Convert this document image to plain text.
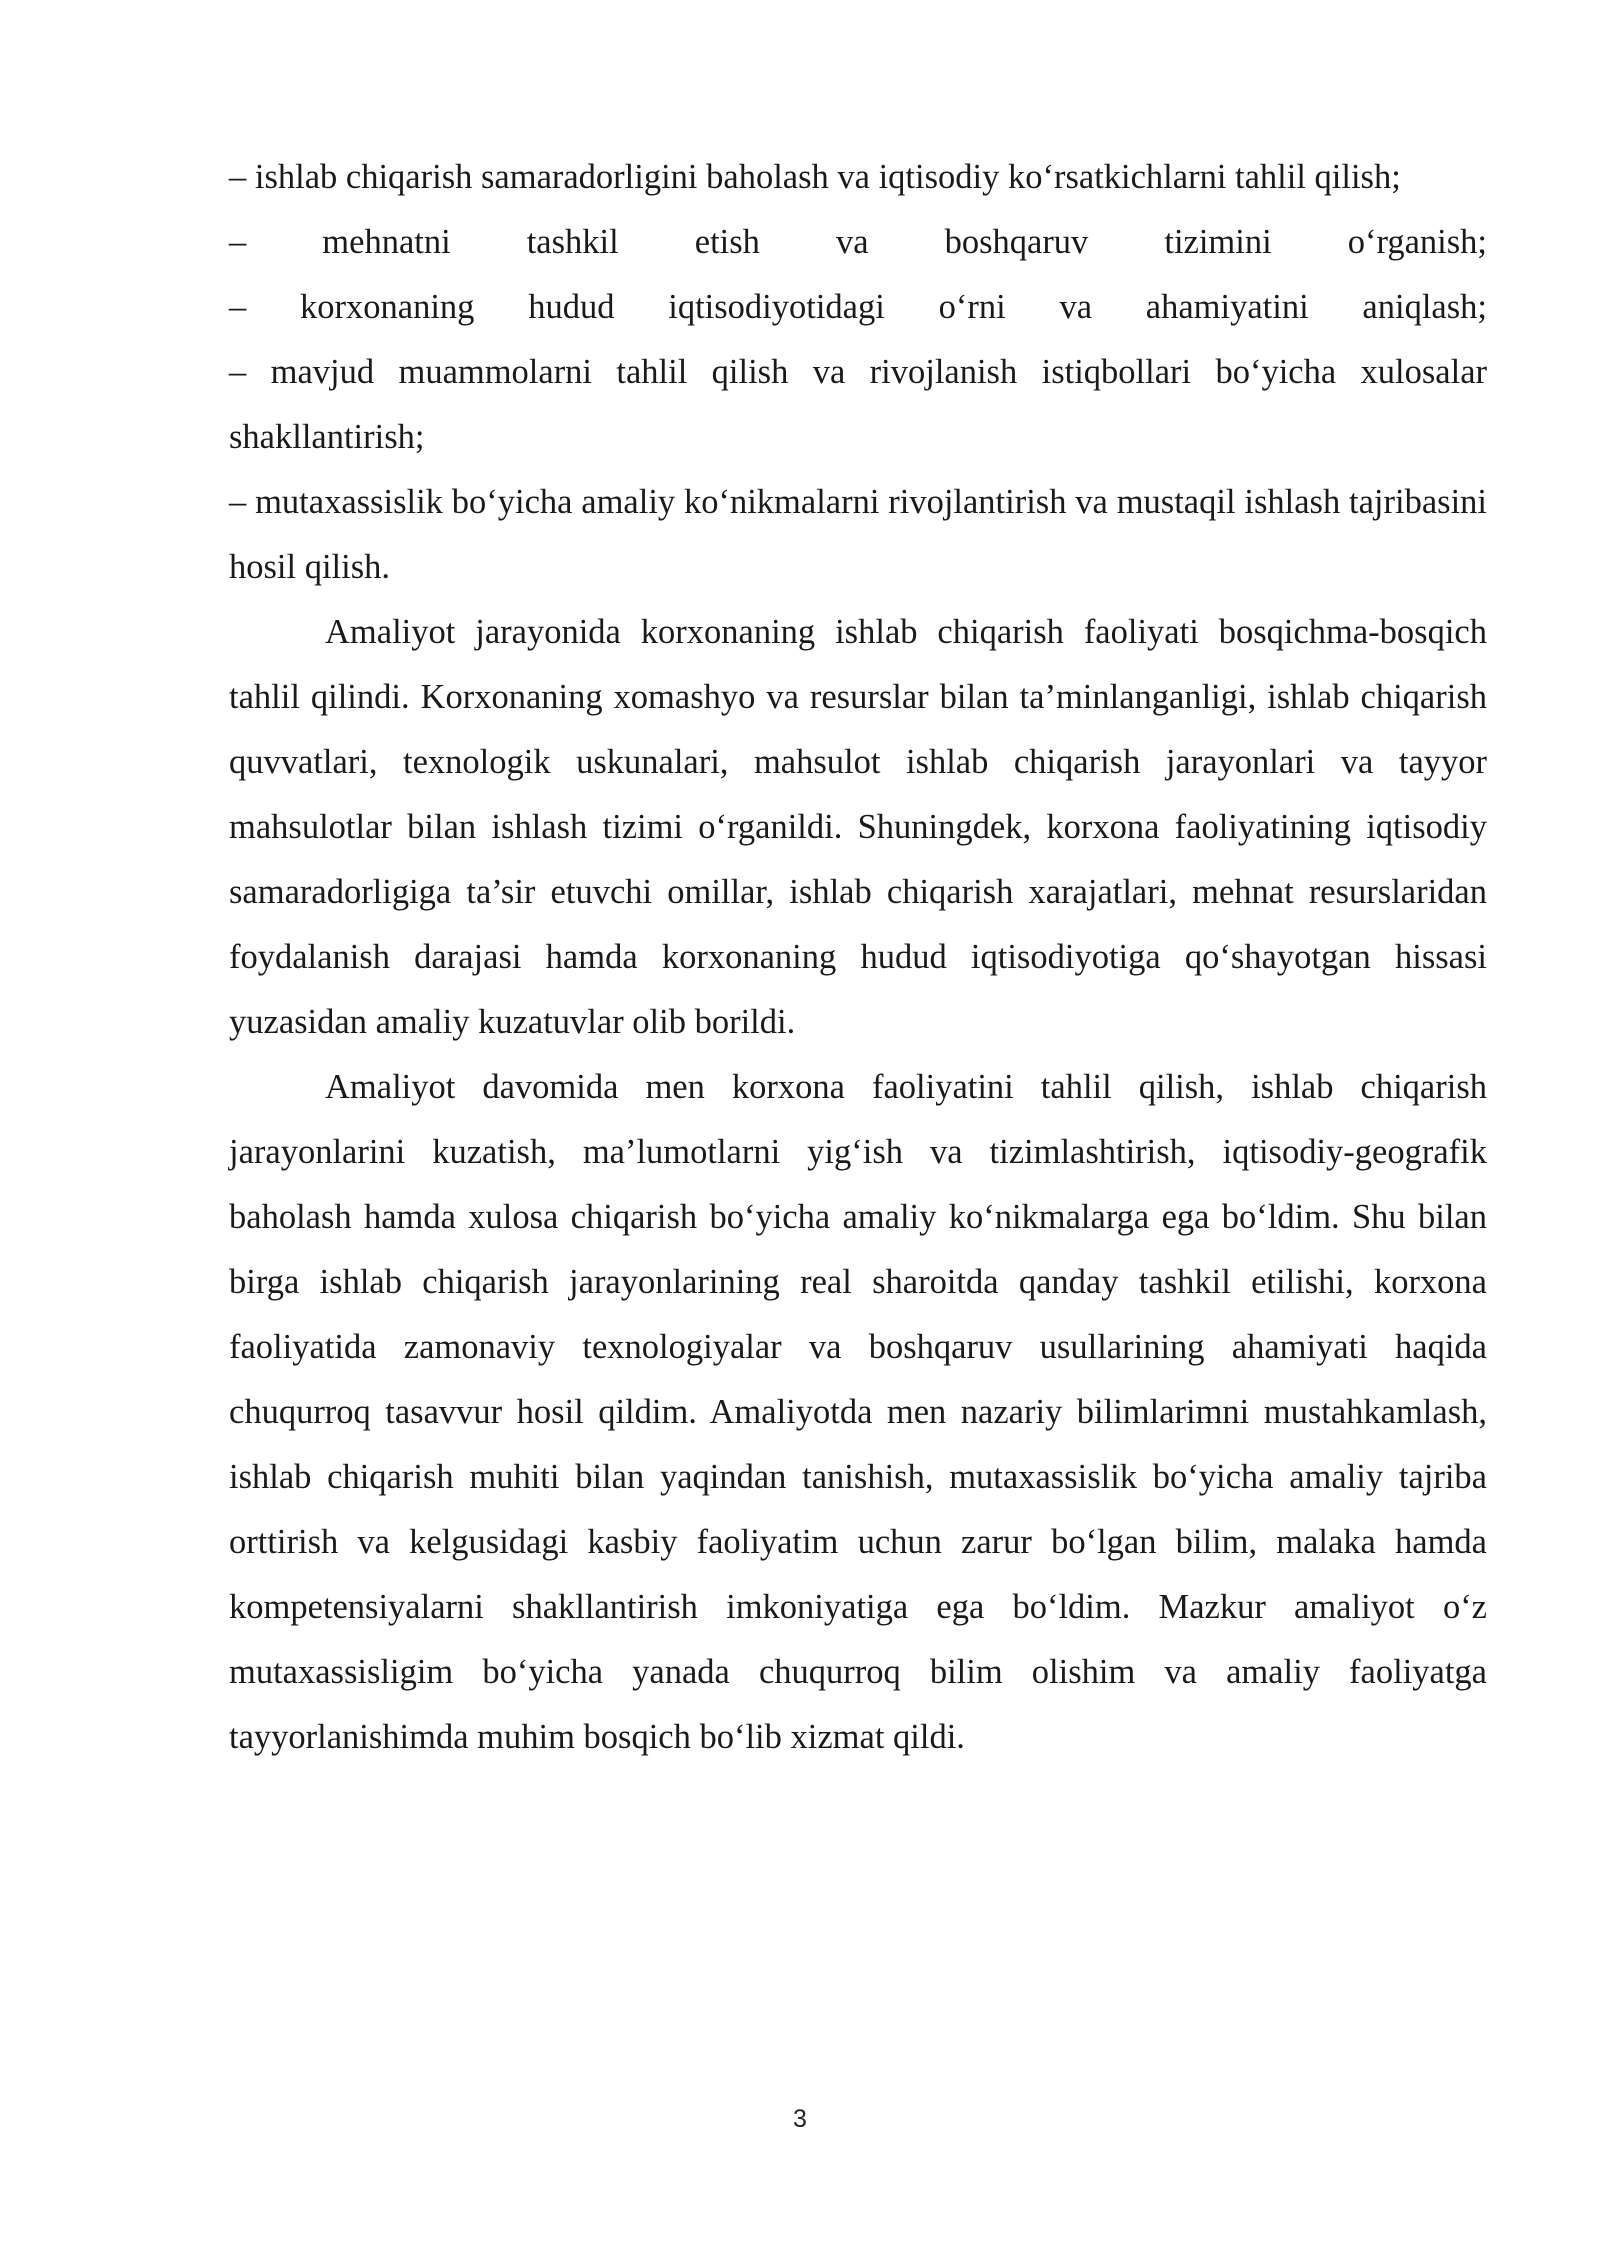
– ishlab chiqarish samaradorligini baholash va iqtisodiy ko‘rsatkichlarni tahlil qilish;

– mehnatni tashkil etish va boshqaruv tizimini o‘rganish;

– korxonaning hudud iqtisodiyotidagi o‘rni va ahamiyatini aniqlash;

– mavjud muammolarni tahlil qilish va rivojlanish istiqbollari bo‘yicha xulosalar shakllantirish;

– mutaxassislik bo‘yicha amaliy ko‘nikmalarni rivojlantirish va mustaqil ishlash tajribasini hosil qilish.

Amaliyot jarayonida korxonaning ishlab chiqarish faoliyati bosqichma-bosqich tahlil qilindi. Korxonaning xomashyo va resurslar bilan ta’minlanganligi, ishlab chiqarish quvvatlari, texnologik uskunalari, mahsulot ishlab chiqarish jarayonlari va tayyor mahsulotlar bilan ishlash tizimi o‘rganildi. Shuningdek, korxona faoliyatining iqtisodiy samaradorligiga ta’sir etuvchi omillar, ishlab chiqarish xarajatlari, mehnat resurslaridan foydalanish darajasi hamda korxonaning hudud iqtisodiyotiga qo‘shayotgan hissasi yuzasidan amaliy kuzatuvlar olib borildi.

Amaliyot davomida men korxona faoliyatini tahlil qilish, ishlab chiqarish jarayonlarini kuzatish, ma’lumotlarni yig‘ish va tizimlashtirish, iqtisodiy-geografik baholash hamda xulosa chiqarish bo‘yicha amaliy ko‘nikmalarga ega bo‘ldim. Shu bilan birga ishlab chiqarish jarayonlarining real sharoitda qanday tashkil etilishi, korxona faoliyatida zamonaviy texnologiyalar va boshqaruv usullarining ahamiyati haqida chuqurroq tasavvur hosil qildim. Amaliyotda men nazariy bilimlarimni mustahkamlash, ishlab chiqarish muhiti bilan yaqindan tanishish, mutaxassislik bo‘yicha amaliy tajriba orttirish va kelgusidagi kasbiy faoliyatim uchun zarur bo‘lgan bilim, malaka hamda kompetensiyalarni shakllantirish imkoniyatiga ega bo‘ldim. Mazkur amaliyot o‘z mutaxassisligim bo‘yicha yanada chuqurroq bilim olishim va amaliy faoliyatga tayyorlanishimda muhim bosqich bo‘lib xizmat qildi.

3
